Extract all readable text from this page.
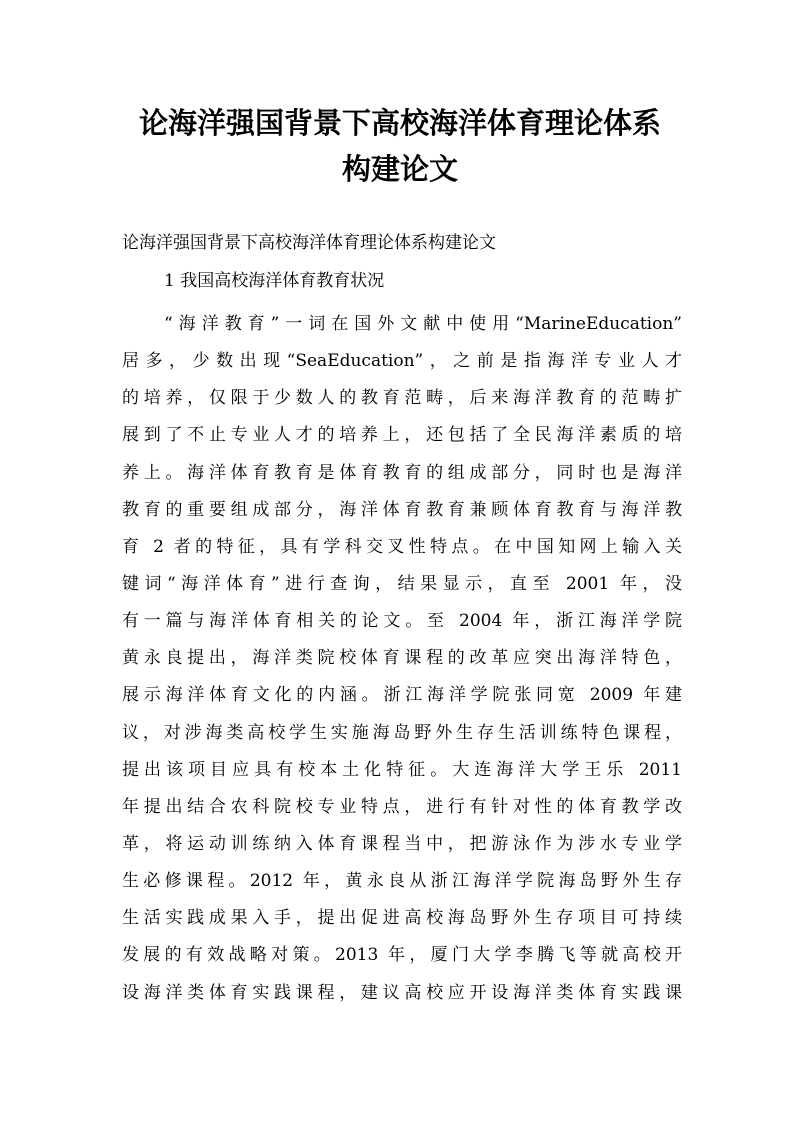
论海洋强国背景下高校海洋体育理论体系
构建论文
论海洋强国背景下高校海洋体育理论体系构建论文
1 我国高校海洋体育教育状况
“海洋教育”一词在国外文献中使用“MarineEducation”
居多，少数出现“SeaEducation”，之前是指海洋专业人才
的培养，仅限于少数人的教育范畴，后来海洋教育的范畴扩
展到了不止专业人才的培养上，还包括了全民海洋素质的培
养上。海洋体育教育是体育教育的组成部分，同时也是海洋
教育的重要组成部分，海洋体育教育兼顾体育教育与海洋教
育 2 者的特征，具有学科交叉性特点。在中国知网上输入关
键词“海洋体育”进行查询，结果显示，直至 2001 年，没
有一篇与海洋体育相关的论文。至 2004 年，浙江海洋学院
黄永良提出，海洋类院校体育课程的改革应突出海洋特色，
展示海洋体育文化的内涵。浙江海洋学院张同宽 2009 年建
议，对涉海类高校学生实施海岛野外生存生活训练特色课程，
提出该项目应具有校本土化特征。大连海洋大学王乐 2011
年提出结合农科院校专业特点，进行有针对性的体育教学改
革，将运动训练纳入体育课程当中，把游泳作为涉水专业学
生必修课程。2012 年，黄永良从浙江海洋学院海岛野外生存
生活实践成果入手，提出促进高校海岛野外生存项目可持续
发展的有效战略对策。2013 年，厦门大学李腾飞等就高校开
设海洋类体育实践课程，建议高校应开设海洋类体育实践课
